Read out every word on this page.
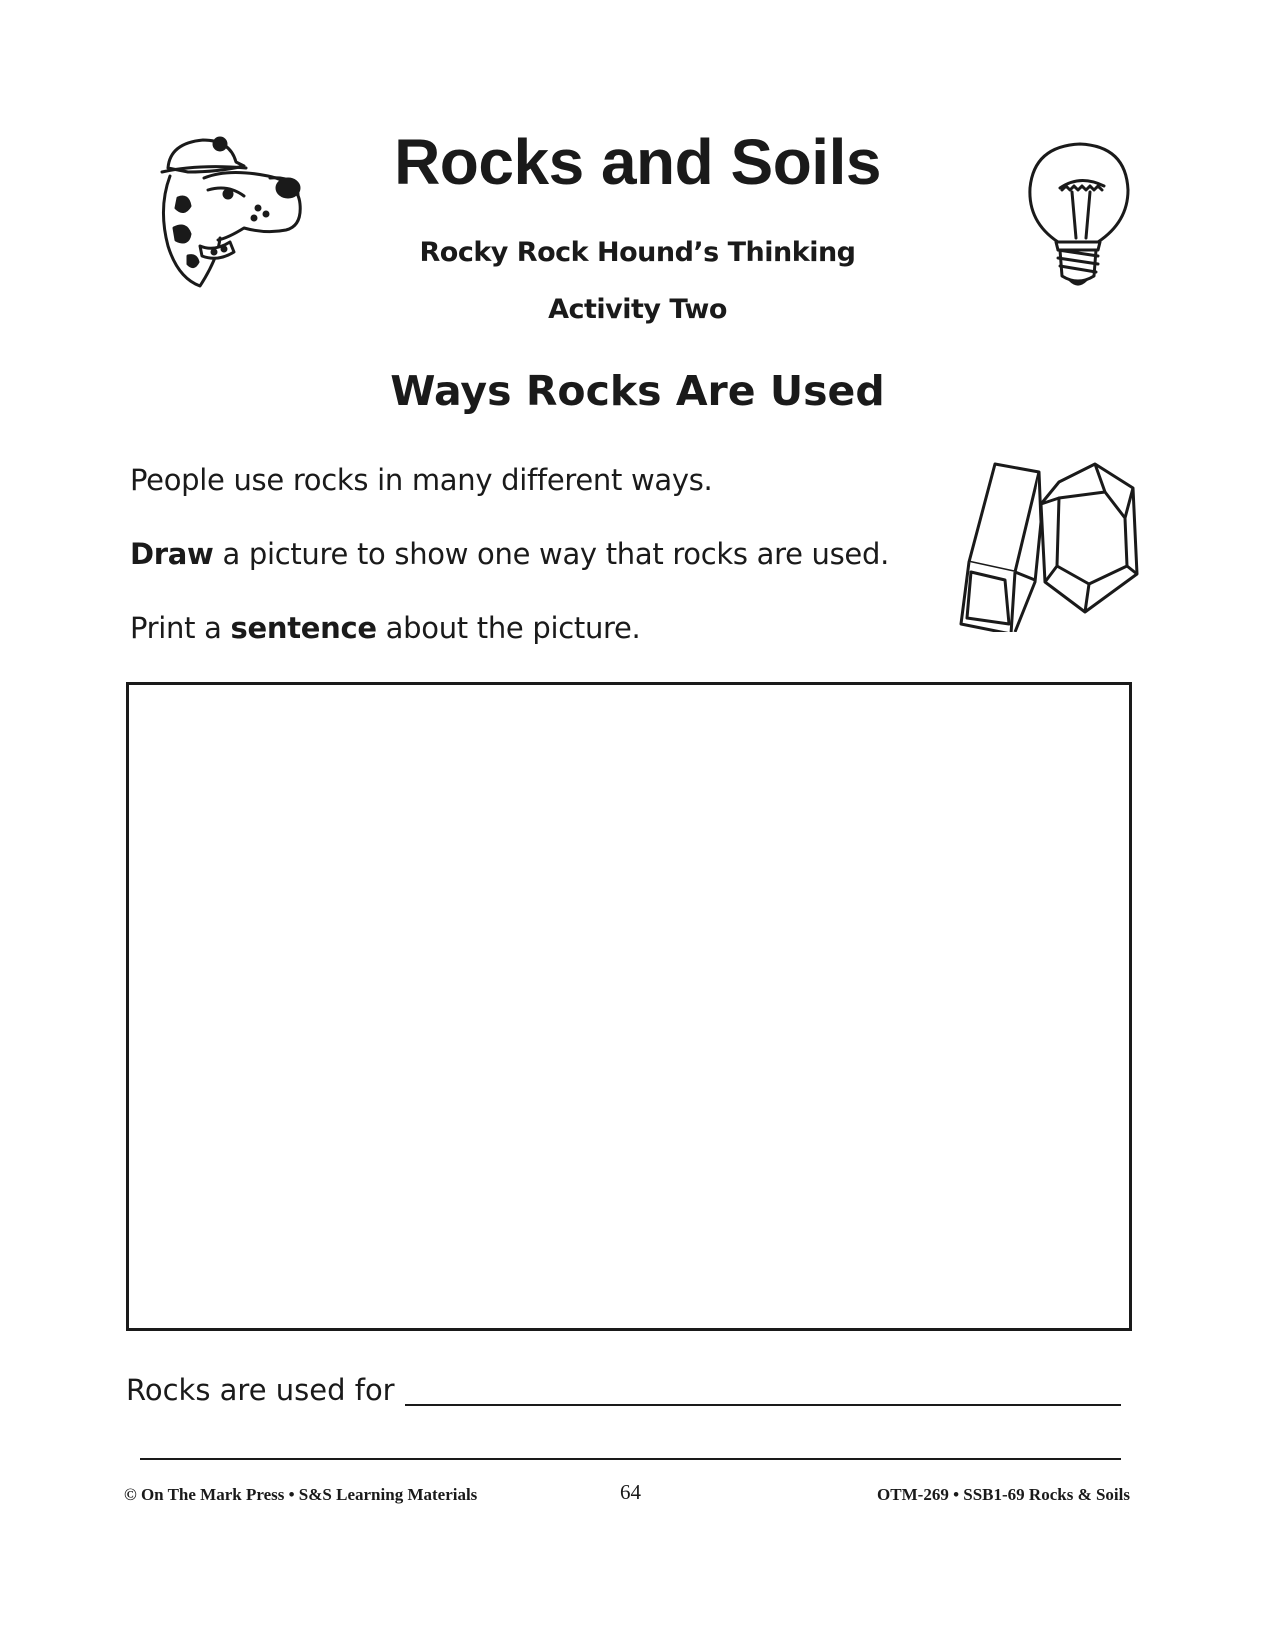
Rocks and Soils

Rocky Rock Hound’s Thinking

Activity Two

Ways Rocks Are Used

People use rocks in many different ways.

Draw a picture to show one way that rocks are used.

Print a sentence about the picture.

Rocks are used for

© On The Mark Press • S&S Learning Materials	64	OTM-269 • SSB1-69 Rocks & Soils
